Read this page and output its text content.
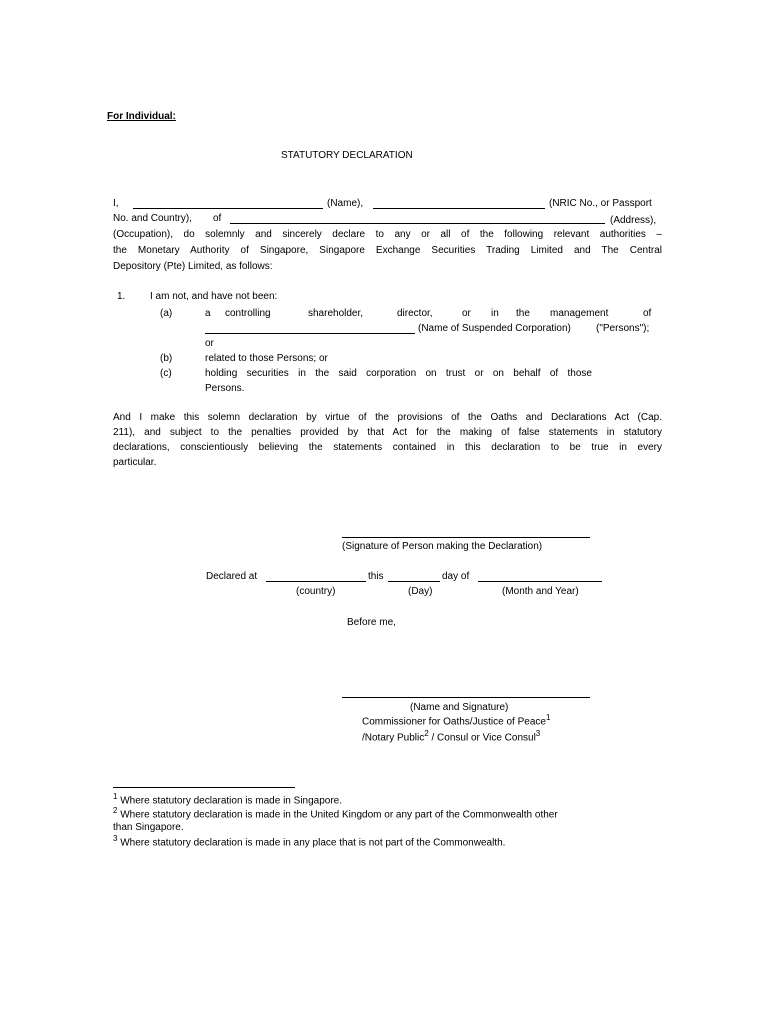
For Individual:
STATUTORY DECLARATION
I,	(Name),	(NRIC No., or Passport
No. and Country), of	(Address),
(Occupation), do solemnly and sincerely declare to any or all of the following relevant authorities –
the Monetary Authority of Singapore, Singapore Exchange Securities Trading Limited and The Central
Depository (Pte) Limited, as follows:
1. I am not, and have not been:
(a)	a controlling	shareholder,	director,	or in the management	of
(Name of Suspended Corporation)	("Persons");
or
(b)	related to those Persons; or
(c)	holding securities in the said corporation on trust or on behalf of those
Persons.
And I make this solemn declaration by virtue of the provisions of the Oaths and Declarations Act (Cap.
211), and subject to the penalties provided by that Act for the making of false statements in statutory
declarations, conscientiously believing the statements contained in this declaration to be true in every
particular.
(Signature of Person making the Declaration)
Declared at	this	day of
(country)	(Day)	(Month and Year)
Before me,
(Name and Signature)
Commissioner for Oaths/Justice of Peace$^1$
/Notary Public$^2$ / Consul or Vice Consul$^3$
$^1$ Where statutory declaration is made in Singapore.
$^2$ Where statutory declaration is made in the United Kingdom or any part of the Commonwealth other
than Singapore.
$^3$ Where statutory declaration is made in any place that is not part of the Commonwealth.
